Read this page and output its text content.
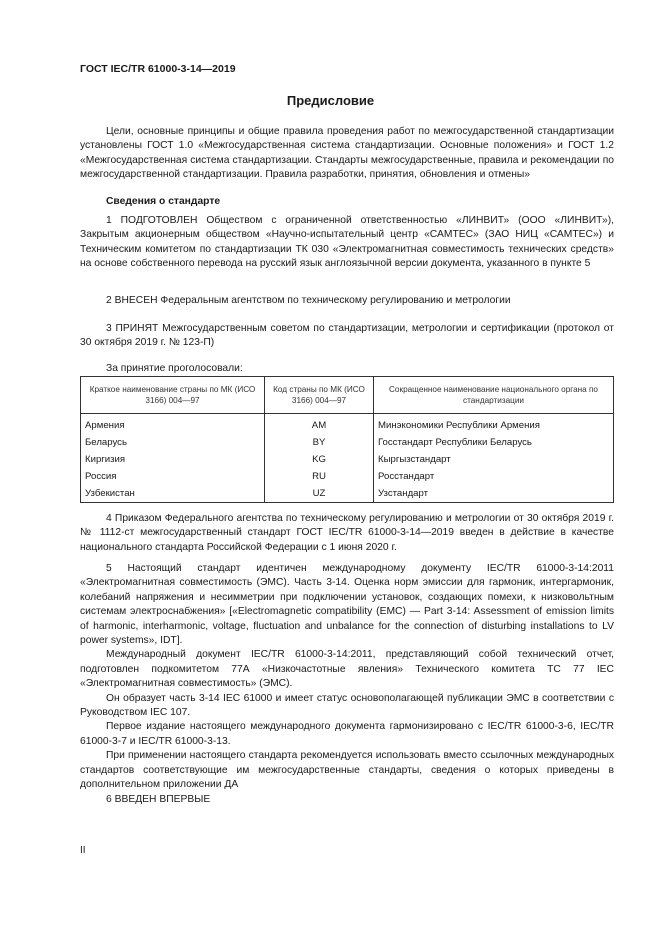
ГОСТ IEC/TR 61000-3-14—2019
Предисловие

Цели, основные принципы и общие правила проведения работ по межгосударственной стандартизации установлены ГОСТ 1.0 «Межгосударственная система стандартизации. Основные положения» и ГОСТ 1.2 «Межгосударственная система стандартизации. Стандарты межгосударственные, правила и рекомендации по межгосударственной стандартизации. Правила разработки, принятия, обновления и отмены»

Сведения о стандарте

1 ПОДГОТОВЛЕН Обществом с ограниченной ответственностью «ЛИНВИТ» (ООО «ЛИНВИТ»), Закрытым акционерным обществом «Научно-испытательный центр «САМТЕС» (ЗАО НИЦ «САМТЕС») и Техническим комитетом по стандартизации ТК 030 «Электромагнитная совместимость технических средств» на основе собственного перевода на русский язык англоязычной версии документа, указанного в пункте 5

2 ВНЕСЕН Федеральным агентством по техническому регулированию и метрологии

3 ПРИНЯТ Межгосударственным советом по стандартизации, метрологии и сертификации (протокол от 30 октября 2019 г. № 123-П)

За принятие проголосовали:
Краткое наименование страны по МК (ИСО 3166) 004—97	Код страны по МК (ИСО 3166) 004—97	Сокращенное наименование национального органа по стандартизации
Армения	AM	Минэкономики Республики Армения
Беларусь	BY	Госстандарт Республики Беларусь
Киргизия	KG	Кыргызстандарт
Россия	RU	Росстандарт
Узбекистан	UZ	Узстандарт

4 Приказом Федерального агентства по техническому регулированию и метрологии от 30 октября 2019 г. № 1112-ст межгосударственный стандарт ГОСТ IEC/TR 61000-3-14—2019 введен в действие в качестве национального стандарта Российской Федерации с 1 июня 2020 г.

5 Настоящий стандарт идентичен международному документу IEC/TR 61000-3-14:2011 «Электромагнитная совместимость (ЭМС). Часть 3-14. Оценка норм эмиссии для гармоник, интергармоник, колебаний напряжения и несимметрии при подключении установок, создающих помехи, к низковольтным системам электроснабжения» [«Electromagnetic compatibility (EMC) — Part 3-14: Assessment of emission limits of harmonic, interharmonic, voltage, fluctuation and unbalance for the connection of disturbing installations to LV power systems», IDT].

Международный документ IEC/TR 61000-3-14:2011, представляющий собой технический отчет, подготовлен подкомитетом 77А «Низкочастотные явления» Технического комитета ТС 77 IEC «Электромагнитная совместимость» (ЭМС).

Он образует часть 3-14 IEC 61000 и имеет статус основополагающей публикации ЭМС в соответствии с Руководством IEC 107.

Первое издание настоящего международного документа гармонизировано с IEC/TR 61000-3-6, IEC/TR 61000-3-7 и IEC/TR 61000-3-13.

При применении настоящего стандарта рекомендуется использовать вместо ссылочных международных стандартов соответствующие им межгосударственные стандарты, сведения о которых приведены в дополнительном приложении ДА

6 ВВЕДЕН ВПЕРВЫЕ

II
